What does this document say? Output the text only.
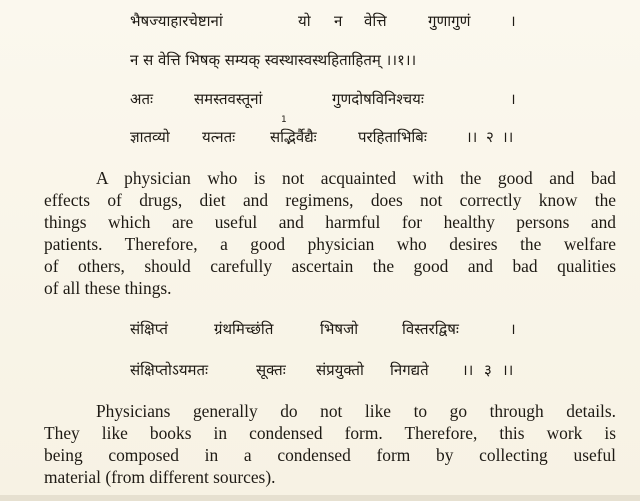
भैषज्याहारचेष्टानां	यो न वेत्ति	गुणागुणं	।
न स वेत्ति भिषक् सम्यक् स्वस्थास्वस्थहिताहितम् ।।१।।
अतः	समस्तवस्तूनां	गुणदोषविनिश्चयः	।
1
ज्ञातव्यो यत्नतः सद्भिर्वैद्यैः	परहिताभिबिः	।। २ ।।
A physician who is not acquainted with the good and bad
effects of drugs, diet and regimens, does not correctly know the
things which are useful and harmful for healthy persons and
patients. Therefore, a good physician who desires the welfare
of others, should carefully ascertain the good and bad qualities
of all these things.
संक्षिप्तं	ग्रंथमिच्छंति	भिषजो	विस्तरद्विषः	।
संक्षिप्तोऽयमतः	सूक्तः संप्रयुक्तो निगद्यते ।। ३ ।।
Physicians generally do not like to go through details.
They like books in condensed form. Therefore, this work is
being composed in a condensed form by collecting useful
material (from different sources).
